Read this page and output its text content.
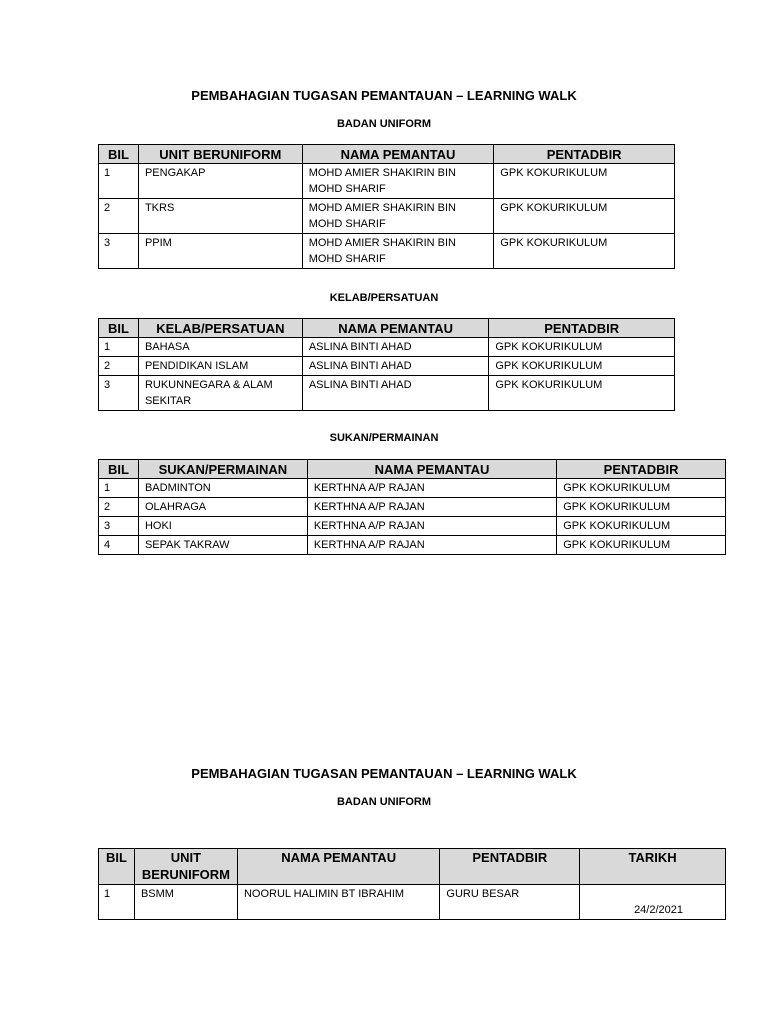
PEMBAHAGIAN TUGASAN PEMANTAUAN – LEARNING WALK
BADAN UNIFORM
BIL	UNIT BERUNIFORM	NAMA PEMANTAU	PENTADBIR
1	PENGAKAP	MOHD AMIER SHAKIRIN BIN MOHD SHARIF	GPK KOKURIKULUM
2	TKRS	MOHD AMIER SHAKIRIN BIN MOHD SHARIF	GPK KOKURIKULUM
3	PPIM	MOHD AMIER SHAKIRIN BIN MOHD SHARIF	GPK KOKURIKULUM
KELAB/PERSATUAN
BIL	KELAB/PERSATUAN	NAMA PEMANTAU	PENTADBIR
1	BAHASA	ASLINA BINTI AHAD	GPK KOKURIKULUM
2	PENDIDIKAN ISLAM	ASLINA BINTI AHAD	GPK KOKURIKULUM
3	RUKUNNEGARA & ALAM SEKITAR	ASLINA BINTI AHAD	GPK KOKURIKULUM
SUKAN/PERMAINAN
BIL	SUKAN/PERMAINAN	NAMA PEMANTAU	PENTADBIR
1	BADMINTON	KERTHNA A/P RAJAN	GPK KOKURIKULUM
2	OLAHRAGA	KERTHNA A/P RAJAN	GPK KOKURIKULUM
3	HOKI	KERTHNA A/P RAJAN	GPK KOKURIKULUM
4	SEPAK TAKRAW	KERTHNA A/P RAJAN	GPK KOKURIKULUM
PEMBAHAGIAN TUGASAN PEMANTAUAN – LEARNING WALK
BADAN UNIFORM
BIL	UNIT BERUNIFORM	NAMA PEMANTAU	PENTADBIR	TARIKH
1	BSMM	NOORUL HALIMIN BT IBRAHIM	GURU BESAR	24/2/2021
